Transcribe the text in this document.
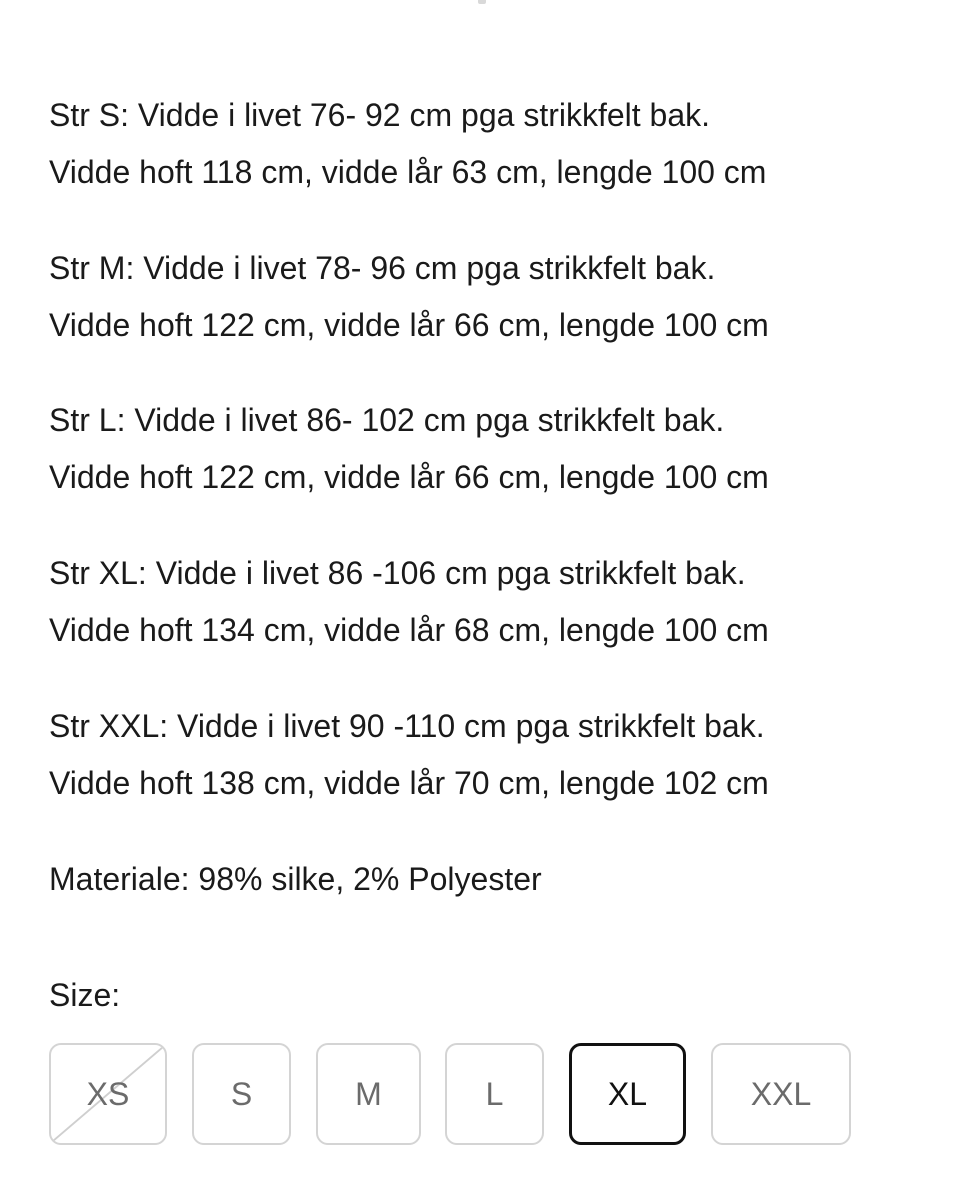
Str S: Vidde i livet 76- 92 cm pga strikkfelt bak.
Vidde hoft 118 cm, vidde lår 63 cm, lengde 100 cm
Str M: Vidde i livet 78- 96 cm pga strikkfelt bak.
Vidde hoft 122 cm, vidde lår 66 cm, lengde 100 cm
Str L: Vidde i livet 86- 102 cm pga strikkfelt bak.
Vidde hoft 122 cm, vidde lår 66 cm, lengde 100 cm
Str XL: Vidde i livet 86 -106 cm pga strikkfelt bak.
Vidde hoft 134 cm, vidde lår 68 cm, lengde 100 cm
Str XXL: Vidde i livet 90 -110 cm pga strikkfelt bak.
Vidde hoft 138 cm, vidde lår 70 cm, lengde 102 cm
Materiale: 98% silke, 2% Polyester
Size:
XS	S	M	L	XL	XXL
